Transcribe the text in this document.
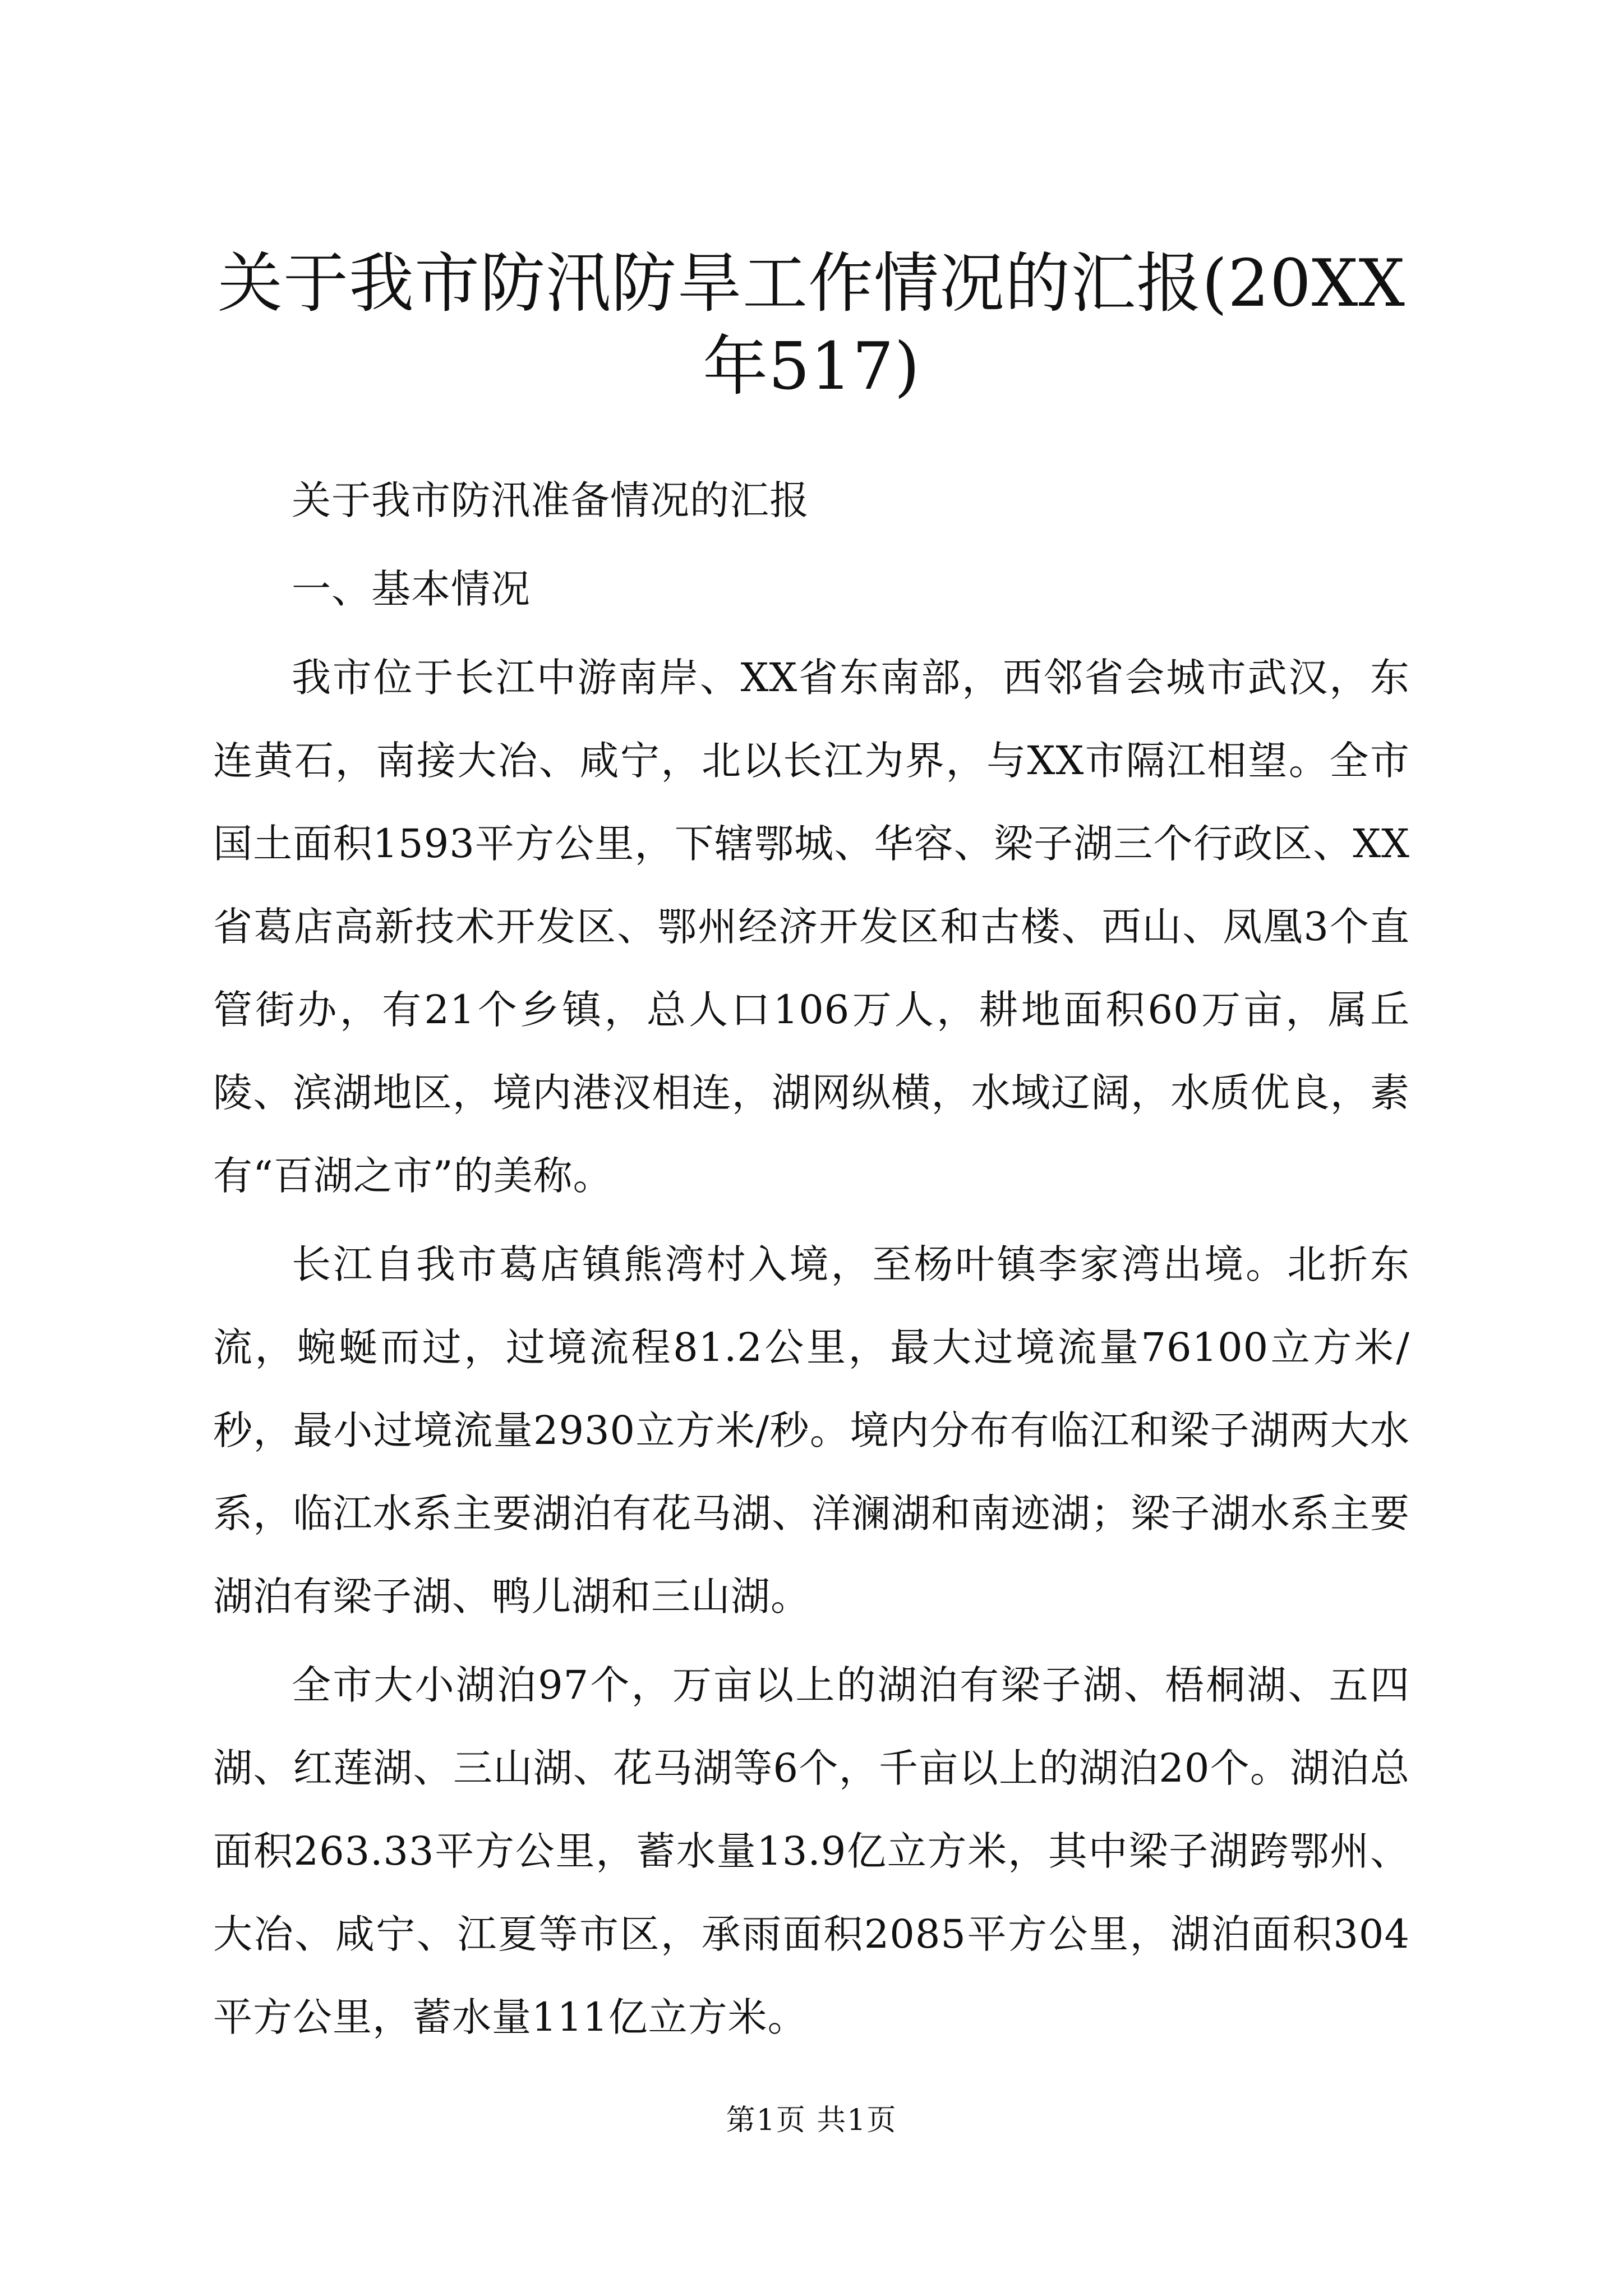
关于我市防汛防旱工作情况的汇报(20XX年517)

关于我市防汛准备情况的汇报

一、基本情况

我市位于长江中游南岸、XX省东南部，西邻省会城市武汉，东连黄石，南接大冶、咸宁，北以长江为界，与XX市隔江相望。全市国土面积1593平方公里，下辖鄂城、华容、梁子湖三个行政区、XX省葛店高新技术开发区、鄂州经济开发区和古楼、西山、凤凰3个直管街办，有21个乡镇，总人口106万人，耕地面积60万亩，属丘陵、滨湖地区，境内港汊相连，湖网纵横，水域辽阔，水质优良，素有“百湖之市”的美称。

长江自我市葛店镇熊湾村入境，至杨叶镇李家湾出境。北折东流，蜿蜒而过，过境流程81.2公里，最大过境流量76100立方米/秒，最小过境流量2930立方米/秒。境内分布有临江和梁子湖两大水系，临江水系主要湖泊有花马湖、洋澜湖和南迹湖；梁子湖水系主要湖泊有梁子湖、鸭儿湖和三山湖。

全市大小湖泊97个，万亩以上的湖泊有梁子湖、梧桐湖、五四湖、红莲湖、三山湖、花马湖等6个，千亩以上的湖泊20个。湖泊总面积263.33平方公里，蓄水量13.9亿立方米，其中梁子湖跨鄂州、大冶、咸宁、江夏等市区，承雨面积2085平方公里，湖泊面积304平方公里，蓄水量111亿立方米。

第1页 共1页
